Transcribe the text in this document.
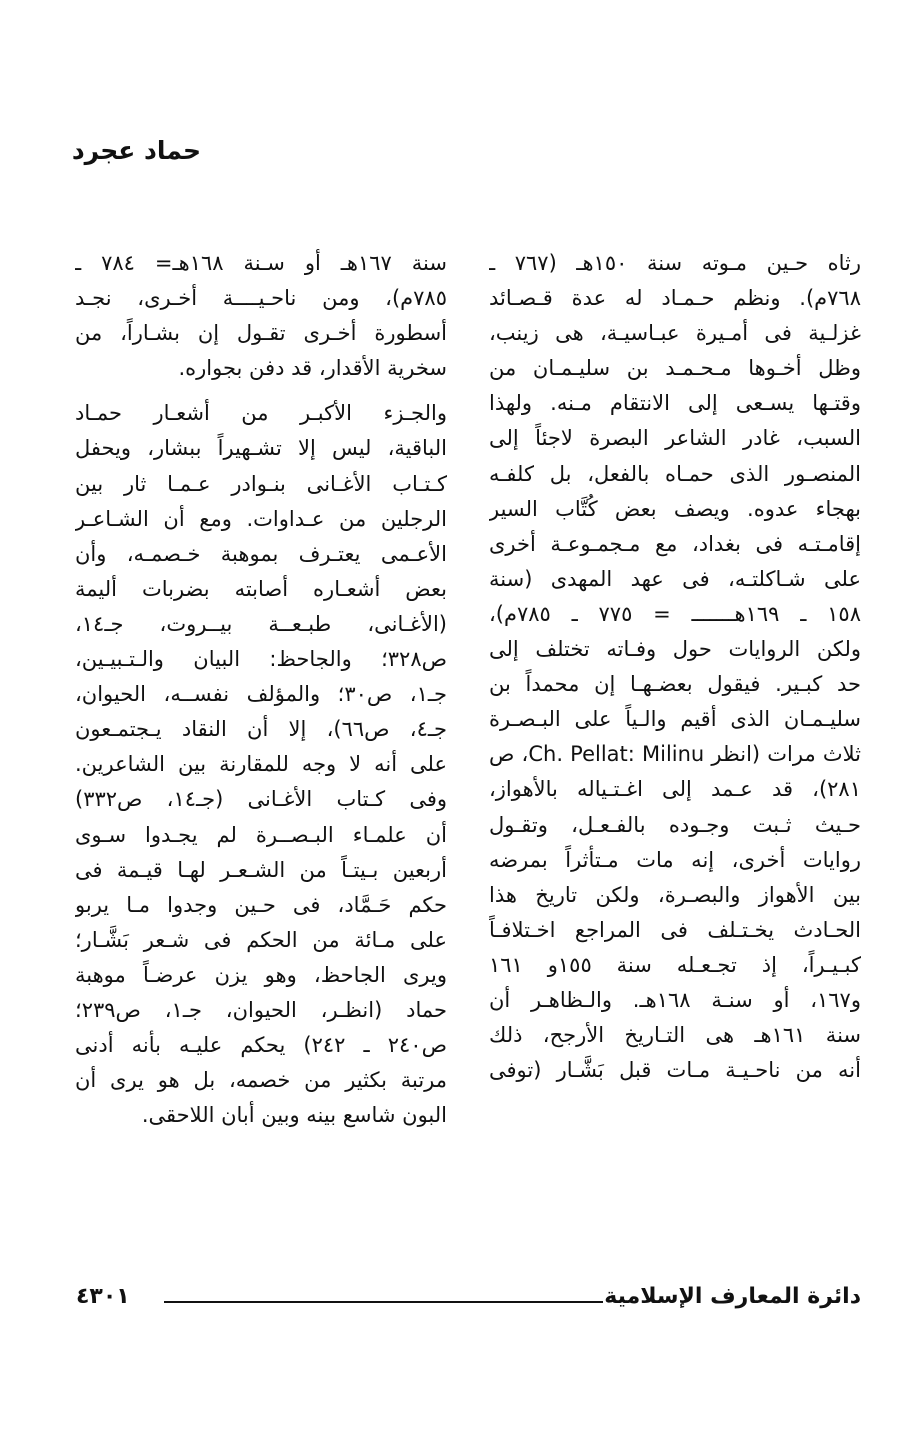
حماد عجرد
رثاه حـين مـوته سنة ١٥٠هـ (٧٦٧ ـ
٧٦٨م). ونظم حـمـاد له عدة قـصـائد
غزلـية فى أمـيرة عبـاسيـة، هى زينب،
وظل أخـوها مـحـمـد بن سليـمـان من
وقتـها يسـعى إلى الانتقام مـنه. ولهذا
السبب، غادر الشاعر البصرة لاجئاً إلى
المنصـور الذى حمـاه بالفعل، بل كلفـه
بهجاء عدوه. ويصف بعض كُتَّاب السير
إقامـتـه فى بغداد، مع مـجمـوعـة أخرى
على شـاكلتـه، فى عهد المهدى (سنة
١٥٨ ـ ١٦٩هـــــــ = ٧٧٥ ـ ٧٨٥م)،
ولكن الروايات حول وفـاته تختلف إلى
حد كبـير. فيقول بعضـهـا إن محمداً بن
سليـمـان الذى أقيم والـياً على البـصـرة
ثلاث مرات (انظر Ch. Pellat: Milinu، ص
٢٨١)، قد عـمد إلى اغـتـياله بالأهواز،
حـيث ثـبت وجـوده بالفـعـل، وتقـول
روايات أخرى، إنه مات مـتأثراً بمرضه
بين الأهواز والبصـرة، ولكن تاريخ هذا
الحـادث يخـتـلف فى المراجع اخـتلافـاً
كبـيـراً، إذ تجـعـله سنة ١٥٥و ١٦١
و١٦٧، أو سنـة ١٦٨هـ. والـظاهـر أن
سنة ١٦١هـ هى التـاريخ الأرجح، ذلك
أنه من ناحـيـة مـات قبل بَشَّـار (توفى
سنة ١٦٧هـ أو سـنة ١٦٨هـ= ٧٨٤ ـ
٧٨٥م)، ومن ناحـيــــة أخـرى، نجـد
أسطورة أخـرى تقـول إن بشـاراً، من
سخرية الأقدار، قد دفن بجواره.
والجـزء الأكبـر من أشعـار حمـاد
الباقية، ليس إلا تشـهيراً ببشار، ويحفل
كـتـاب الأغـانى بنـوادر عـمـا ثار بين
الرجلين من عـداوات. ومع أن الشـاعـر
الأعـمى يعتـرف بموهبة خـصمـه، وأن
بعض أشعـاره أصابته بضربات أليمة
(الأغـانى، طبـعــة بيــروت، جـ١٤،
ص٣٢٨؛ والجاحظ: البيان والـتـبيـين،
جـ١، ص٣٠؛ والمؤلف نفســه، الحيوان،
جـ٤، ص٦٦)، إلا أن النقاد يـجتمـعون
على أنه لا وجه للمقارنة بين الشاعرين.
وفى كـتاب الأغـانى (جـ١٤، ص٣٣٢)
أن علمـاء البـصــرة لم يجـدوا سـوى
أربعين بـيتـاً من الشـعـر لهـا قيـمة فى
حكم حَـمَّاد، فى حـين وجدوا مـا يربو
على مـائة من الحكم فى شـعر بَشَّـار؛
ويرى الجاحظ، وهو يزن عرضـاً موهبة
حماد (انظـر، الحيوان، جـ١، ص٢٣٩؛
ص٢٤٠ ـ ٢٤٢) يحكم عليـه بأنه أدنى
مرتبة بكثير من خصمه، بل هو يرى أن
البون شاسع بينه وبين أبان اللاحقى.
دائرة المعارف الإسلامية
٤٣٠١
